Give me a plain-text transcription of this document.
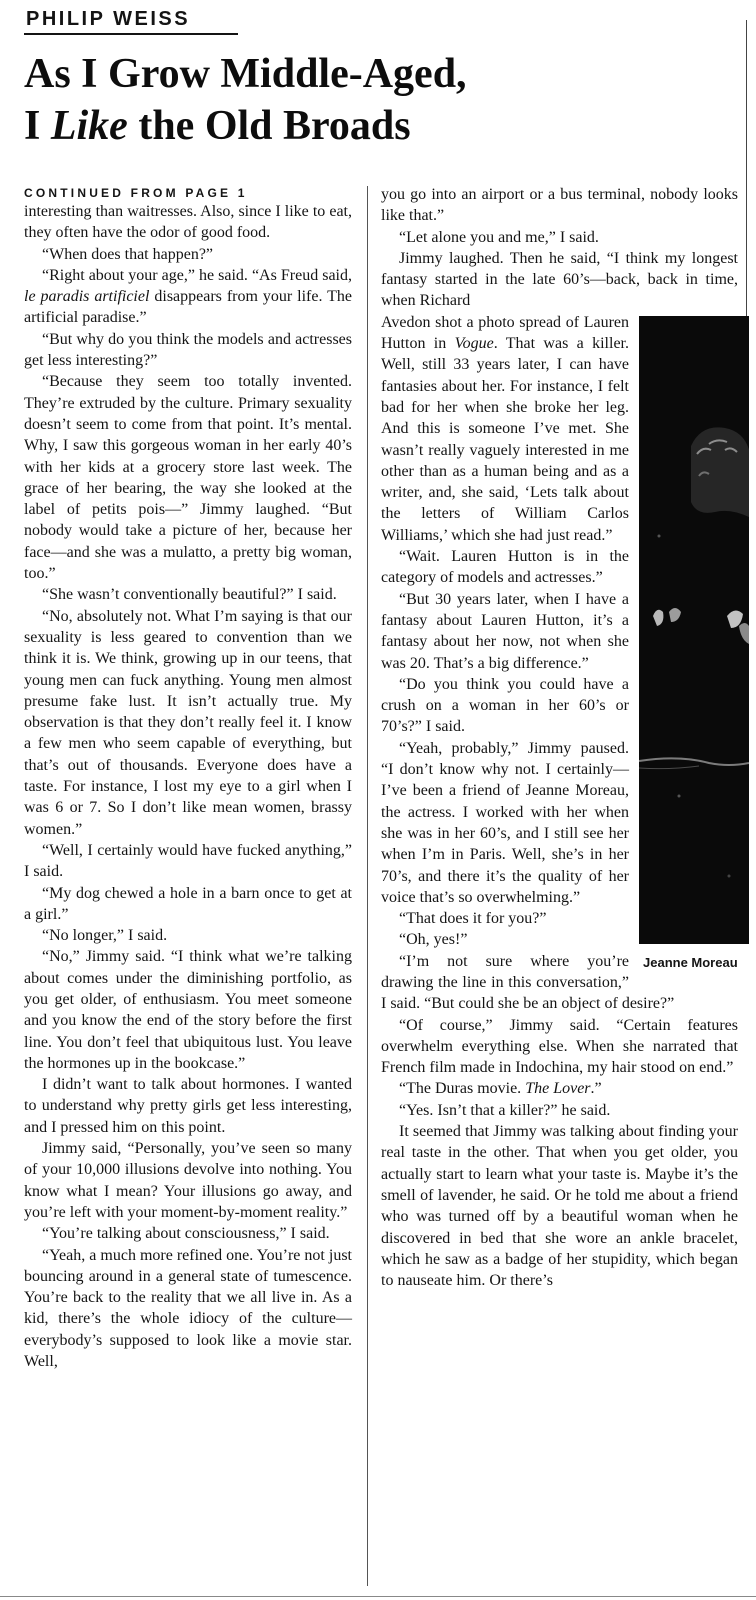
PHILIP WEISS
As I Grow Middle-Aged,
I Like the Old Broads
CONTINUED FROM PAGE 1

interesting than waitresses. Also, since I like to eat, they often have the odor of good food.

“When does that happen?”

“Right about your age,” he said. “As Freud said, le paradis artificiel disappears from your life. The artificial paradise.”

“But why do you think the models and actresses get less interesting?”

“Because they seem too totally invented. They’re extruded by the culture. Primary sexuality doesn’t seem to come from that point. It’s mental. Why, I saw this gorgeous woman in her early 40’s with her kids at a grocery store last week. The grace of her bearing, the way she looked at the label of petits pois—” Jimmy laughed. “But nobody would take a picture of her, because her face—and she was a mulatto, a pretty big woman, too.”

“She wasn’t conventionally beautiful?” I said.

“No, absolutely not. What I’m saying is that our sexuality is less geared to convention than we think it is. We think, growing up in our teens, that young men can fuck anything. Young men almost presume fake lust. It isn’t actually true. My observation is that they don’t really feel it. I know a few men who seem capable of everything, but that’s out of thousands. Everyone does have a taste. For instance, I lost my eye to a girl when I was 6 or 7. So I don’t like mean women, brassy women.”

“Well, I certainly would have fucked anything,” I said.

“My dog chewed a hole in a barn once to get at a girl.”

“No longer,” I said.

“No,” Jimmy said. “I think what we’re talking about comes under the diminishing portfolio, as you get older, of enthusiasm. You meet someone and you know the end of the story before the first line. You don’t feel that ubiquitous lust. You leave the hormones up in the bookcase.”

I didn’t want to talk about hormones. I wanted to understand why pretty girls get less interesting, and I pressed him on this point.

Jimmy said, “Personally, you’ve seen so many of your 10,000 illusions devolve into nothing. You know what I mean? Your illusions go away, and you’re left with your moment-by-moment reality.”

“You’re talking about consciousness,” I said.

“Yeah, a much more refined one. You’re not just bouncing around in a general state of tumescence. You’re back to the reality that we all live in. As a kid, there’s the whole idiocy of the culture—everybody’s supposed to look like a movie star. Well,

you go into an airport or a bus terminal, nobody looks like that.”

“Let alone you and me,” I said.

Jimmy laughed. Then he said, “I think my longest fantasy started in the late 60’s—back, back in time, when Richard

Jeanne Moreau

Avedon shot a photo spread of Lauren Hutton in Vogue. That was a killer. Well, still 33 years later, I can have fantasies about her. For instance, I felt bad for her when she broke her leg. And this is someone I’ve met. She wasn’t really vaguely interested in me other than as a human being and as a writer, and, she said, ‘Lets talk about the letters of William Carlos Williams,’ which she had just read.”

“Wait. Lauren Hutton is in the category of models and actresses.”

“But 30 years later, when I have a fantasy about Lauren Hutton, it’s a fantasy about her now, not when she was 20. That’s a big difference.”

“Do you think you could have a crush on a woman in her 60’s or 70’s?” I said.

“Yeah, probably,” Jimmy paused. “I don’t know why not. I certainly—I’ve been a friend of Jeanne Moreau, the actress. I worked with her when she was in her 60’s, and I still see her when I’m in Paris. Well, she’s in her 70’s, and there it’s the quality of her voice that’s so overwhelming.”

“That does it for you?”

“Oh, yes!”

“I’m not sure where you’re drawing the line in this conversation,” I said. “But could she be an object of desire?”

“Of course,” Jimmy said. “Certain features overwhelm everything else. When she narrated that French film made in Indochina, my hair stood on end.”

“The Duras movie. The Lover.”

“Yes. Isn’t that a killer?” he said.

It seemed that Jimmy was talking about finding your real taste in the other. That when you get older, you actually start to learn what your taste is. Maybe it’s the smell of lavender, he said. Or he told me about a friend who was turned off by a beautiful woman when he discovered in bed that she wore an ankle bracelet, which he saw as a badge of her stupidity, which began to nauseate him. Or there’s
